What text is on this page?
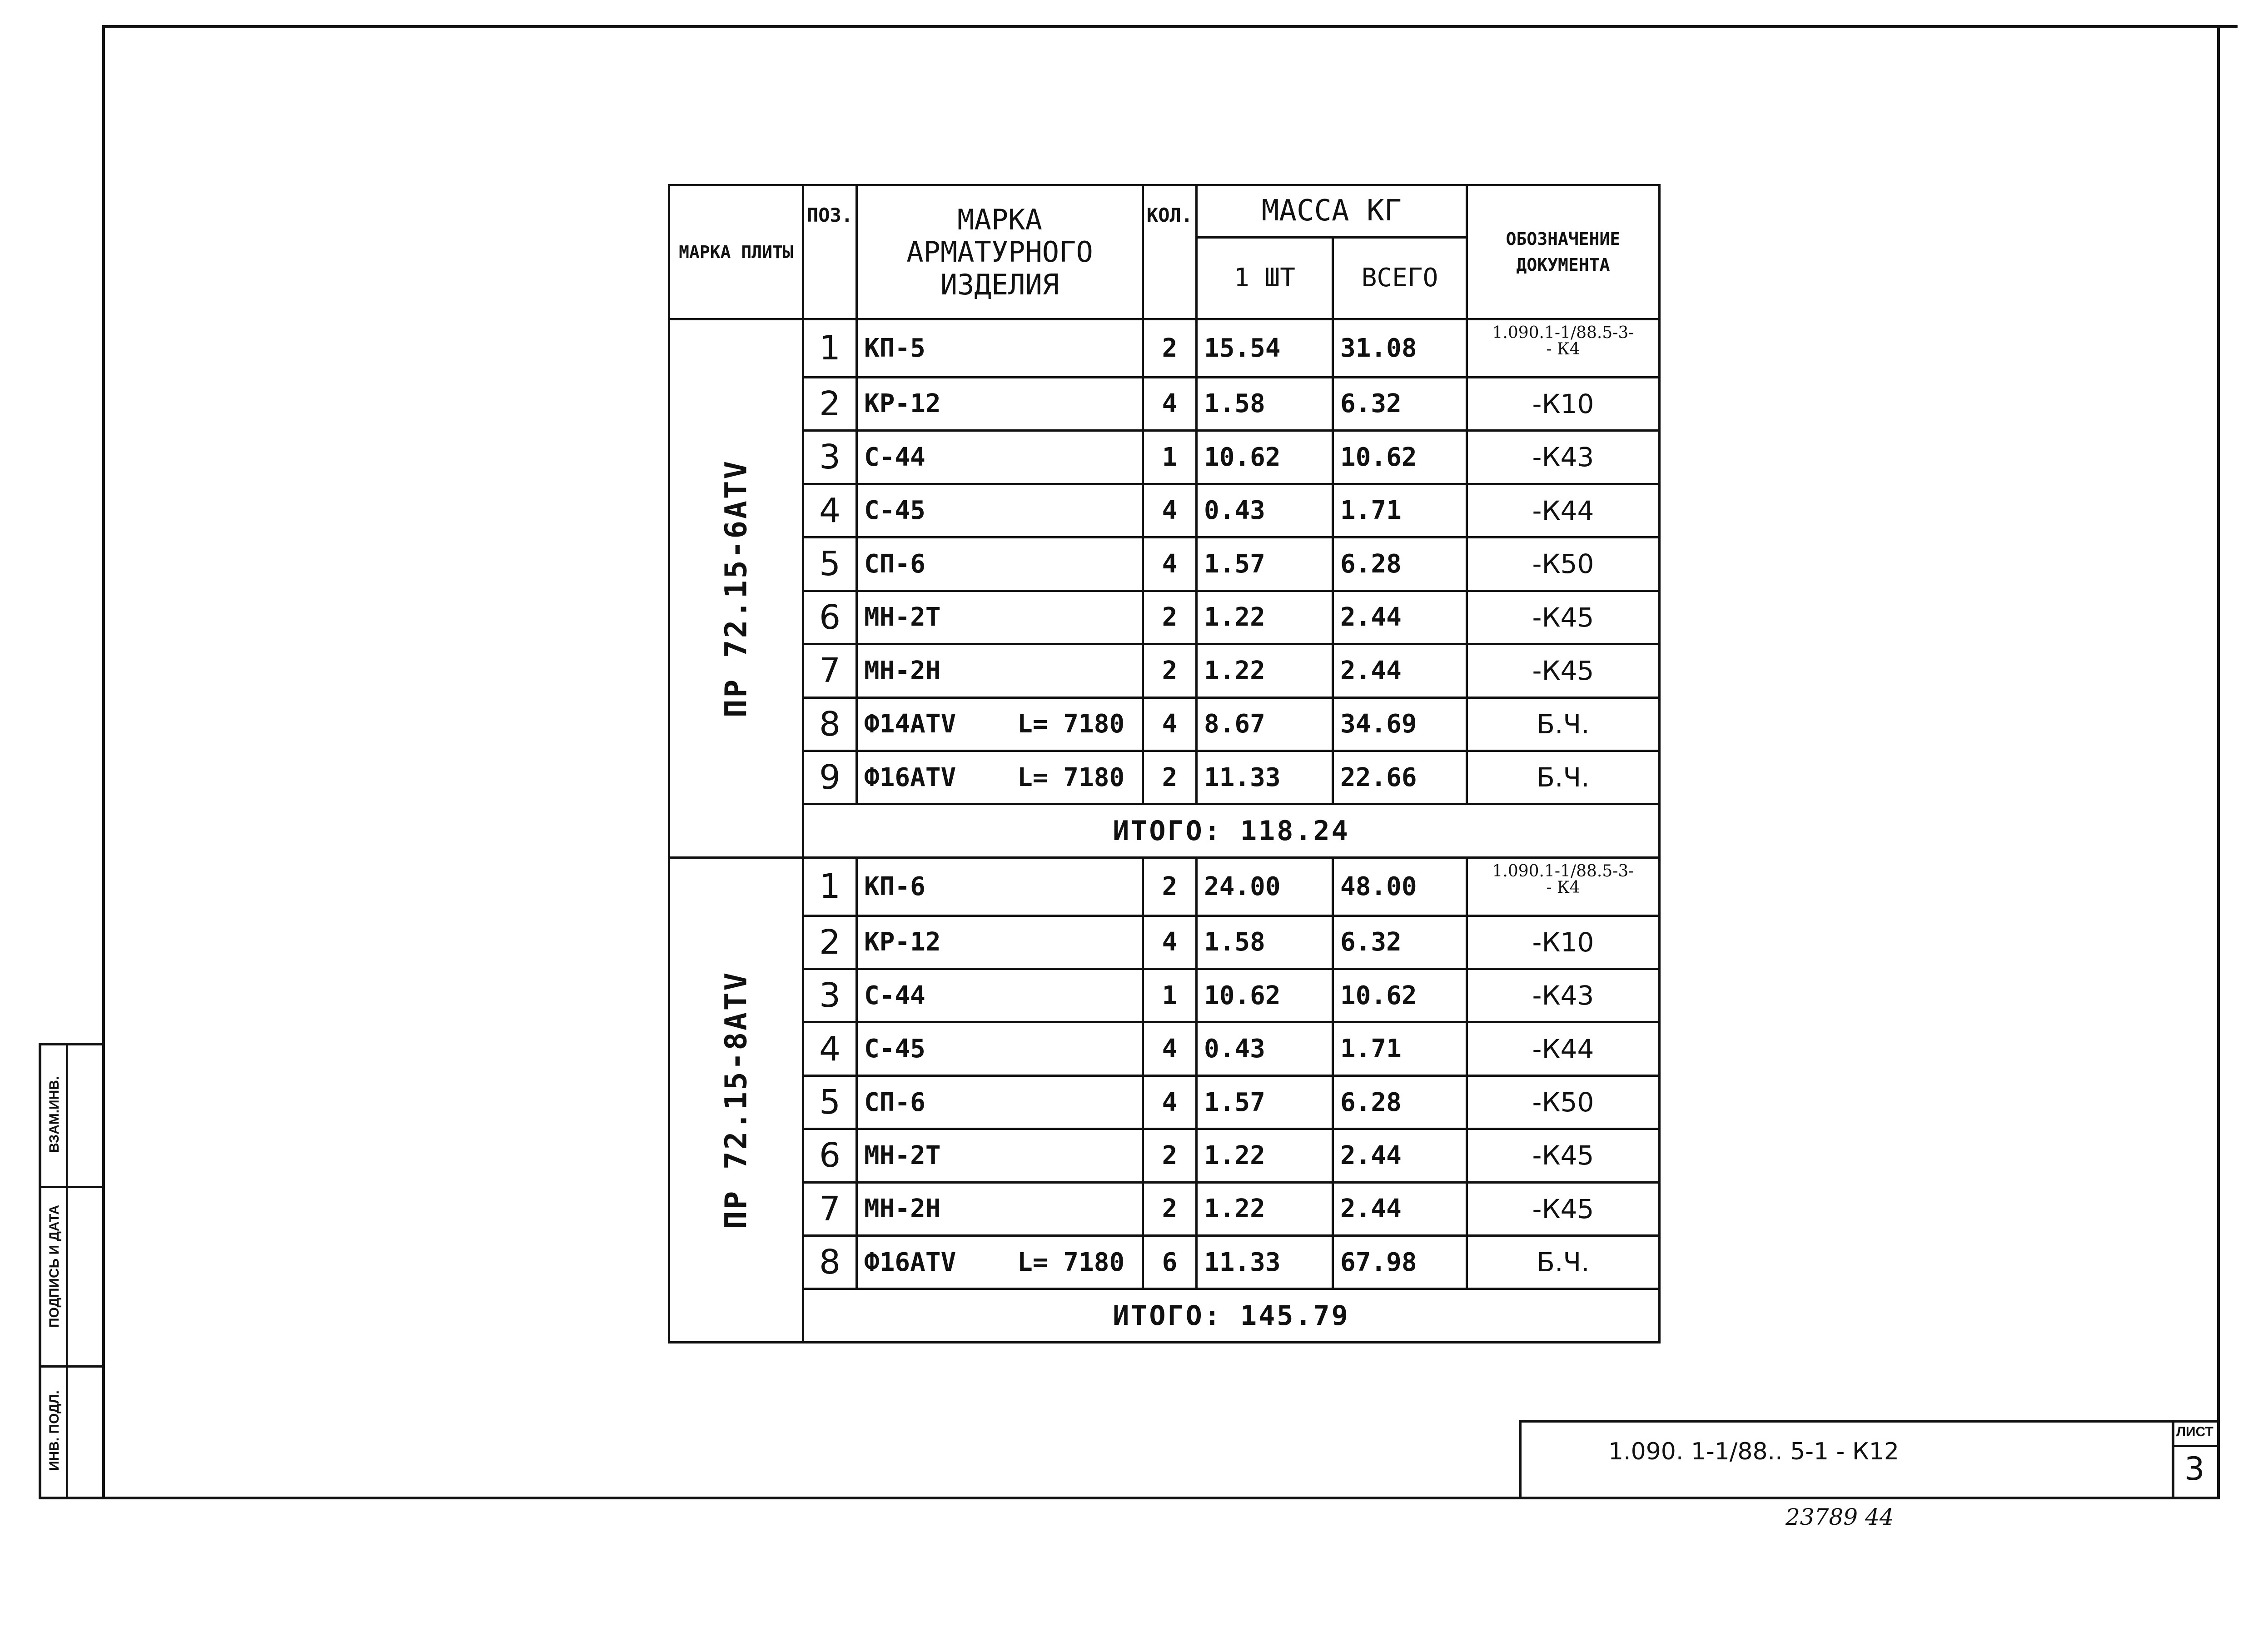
ВЗАМ.ИНВ.
ПОДПИСЬ И ДАТА
ИНВ. ПОДЛ.	1.090. 1-1/88.. 5-1 - К12
ЛИСТ
3
23789 44
МАРКА ПЛИТЫ	ПОЗ.	МАРКА АРМАТУРНОГО ИЗДЕЛИЯ	КОЛ.	МАССА КГ		ОБОЗНАЧЕНИЕ ДОКУМЕНТА
				1 ШТ	ВСЕГО	

ПР 72.15-6АТV	1	КП-5	2	15.54	31.08	1.090.1-1/88.5-3-
- К4
	2	КР-12	4	1.58	6.32	-К10
	3	С-44	1	10.62	10.62	-К43
	4	С-45	4	0.43	1.71	-К44
	5	СП-6	4	1.57	6.28	-К50
	6	МН-2Т	2	1.22	2.44	-К45
	7	МН-2Н	2	1.22	2.44	-К45
	8	Ф14АТV    L= 7180	4	8.67	34.69	Б.Ч.
	9	Ф16АТV    L= 7180	2	11.33	22.66	Б.Ч.
	ИТОГО: 118.24					

ПР 72.15-8АТV	1	КП-6	2	24.00	48.00	1.090.1-1/88.5-3-
- К4
	2	КР-12	4	1.58	6.32	-К10
	3	С-44	1	10.62	10.62	-К43
	4	С-45	4	0.43	1.71	-К44
	5	СП-6	4	1.57	6.28	-К50
	6	МН-2Т	2	1.22	2.44	-К45
	7	МН-2Н	2	1.22	2.44	-К45
	8	Ф16АТV    L= 7180	6	11.33	67.98	Б.Ч.
	ИТОГО: 145.79					
